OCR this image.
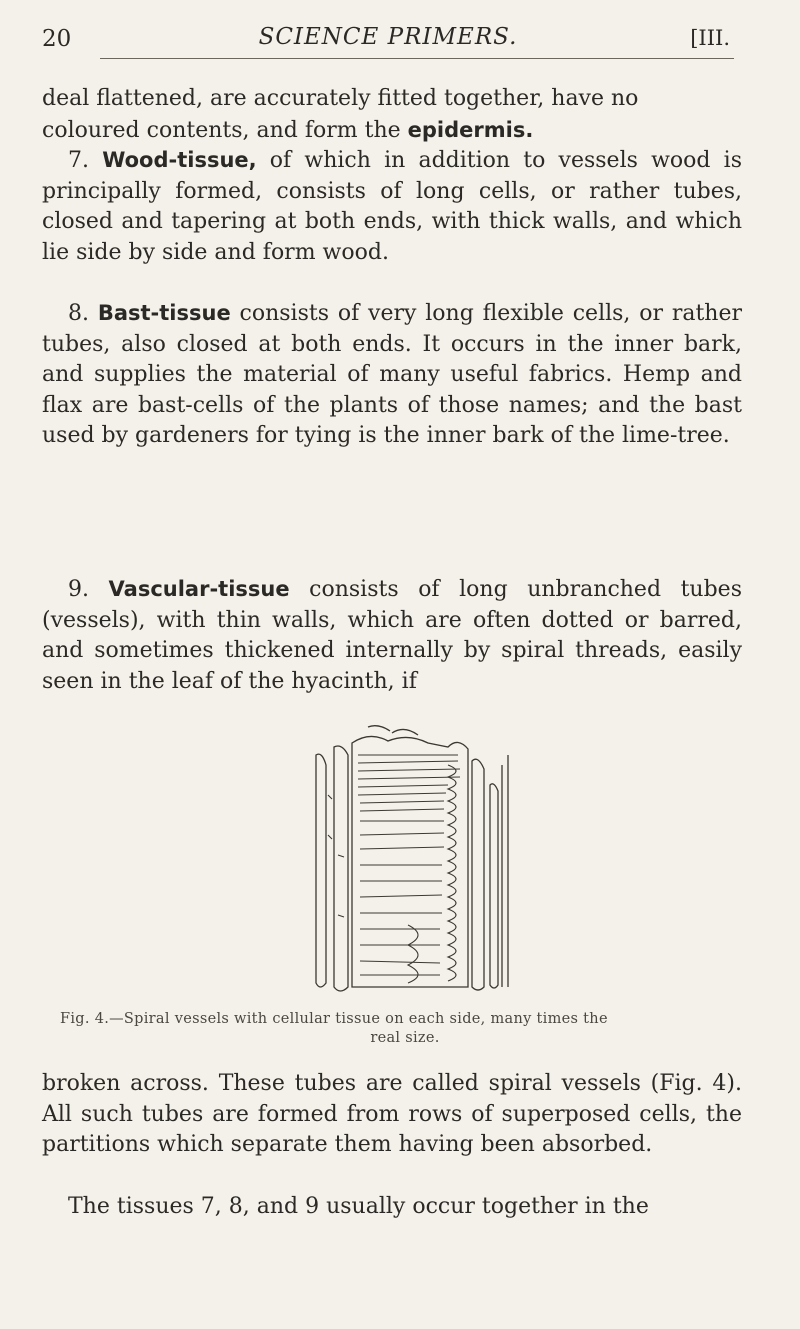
20	SCIENCE PRIMERS.	[III.

deal flattened, are accurately fitted together, have no

coloured contents, and form the epidermis.

7. Wood-tissue, of which in addition to vessels wood is principally formed, consists of long cells, or rather tubes, closed and tapering at both ends, with thick walls, and which lie side by side and form wood.

8. Bast-tissue consists of very long flexible cells, or rather tubes, also closed at both ends. It occurs in the inner bark, and supplies the material of many useful fabrics. Hemp and flax are bast-cells of the plants of those names; and the bast used by gardeners for tying is the inner bark of the lime-tree.

9. Vascular-tissue consists of long unbranched tubes (vessels), with thin walls, which are often dotted or barred, and sometimes thickened internally by spiral threads, easily seen in the leaf of the hyacinth, if

Fig. 4.—Spiral vessels with cellular tissue on each side, many times the
real size.

broken across. These tubes are called spiral vessels (Fig. 4). All such tubes are formed from rows of superposed cells, the partitions which separate them having been absorbed.

The tissues 7, 8, and 9 usually occur together in the
